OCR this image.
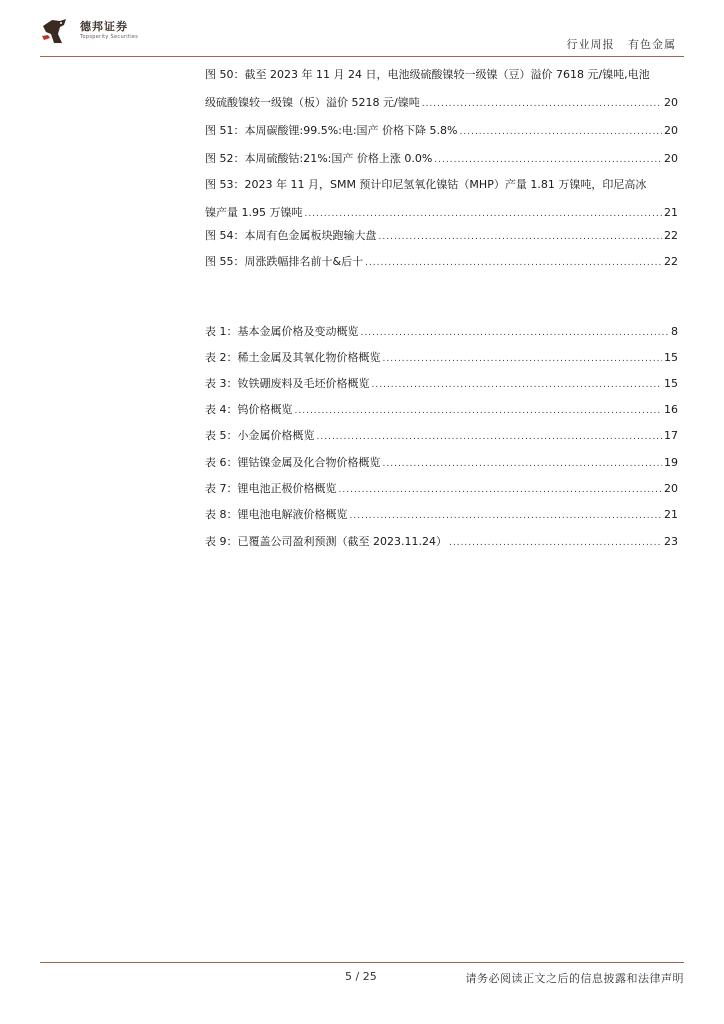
德邦证券
Topsperity Securities
行业周报 有色金属
图 50：截至 2023 年 11 月 24 日，电池级硫酸镍较一级镍（豆）溢价 7618 元/镍吨,电池
级硫酸镍较一级镍（板）溢价 5218 元/镍吨 .....	20
图 51：本周碳酸锂:99.5%:电:国产 价格下降 5.8% .....	20
图 52：本周硫酸钴:21%:国产 价格上涨 0.0% .....	20
图 53：2023 年 11 月，SMM 预计印尼氢氧化镍钴（MHP）产量 1.81 万镍吨，印尼高冰
镍产量 1.95 万镍吨 .....	21
图 54：本周有色金属板块跑输大盘 .....	22
图 55：周涨跌幅排名前十&后十 .....	22
表 1：基本金属价格及变动概览 .....	8
表 2：稀土金属及其氧化物价格概览 .....	15
表 3：钕铁硼废料及毛坯价格概览 .....	15
表 4：钨价格概览 .....	16
表 5：小金属价格概览 .....	17
表 6：锂钴镍金属及化合物价格概览 .....	19
表 7：锂电池正极价格概览 .....	20
表 8：锂电池电解液价格概览 .....	21
表 9：已覆盖公司盈利预测（截至 2023.11.24） .....	23
5 / 25	请务必阅读正文之后的信息披露和法律声明
